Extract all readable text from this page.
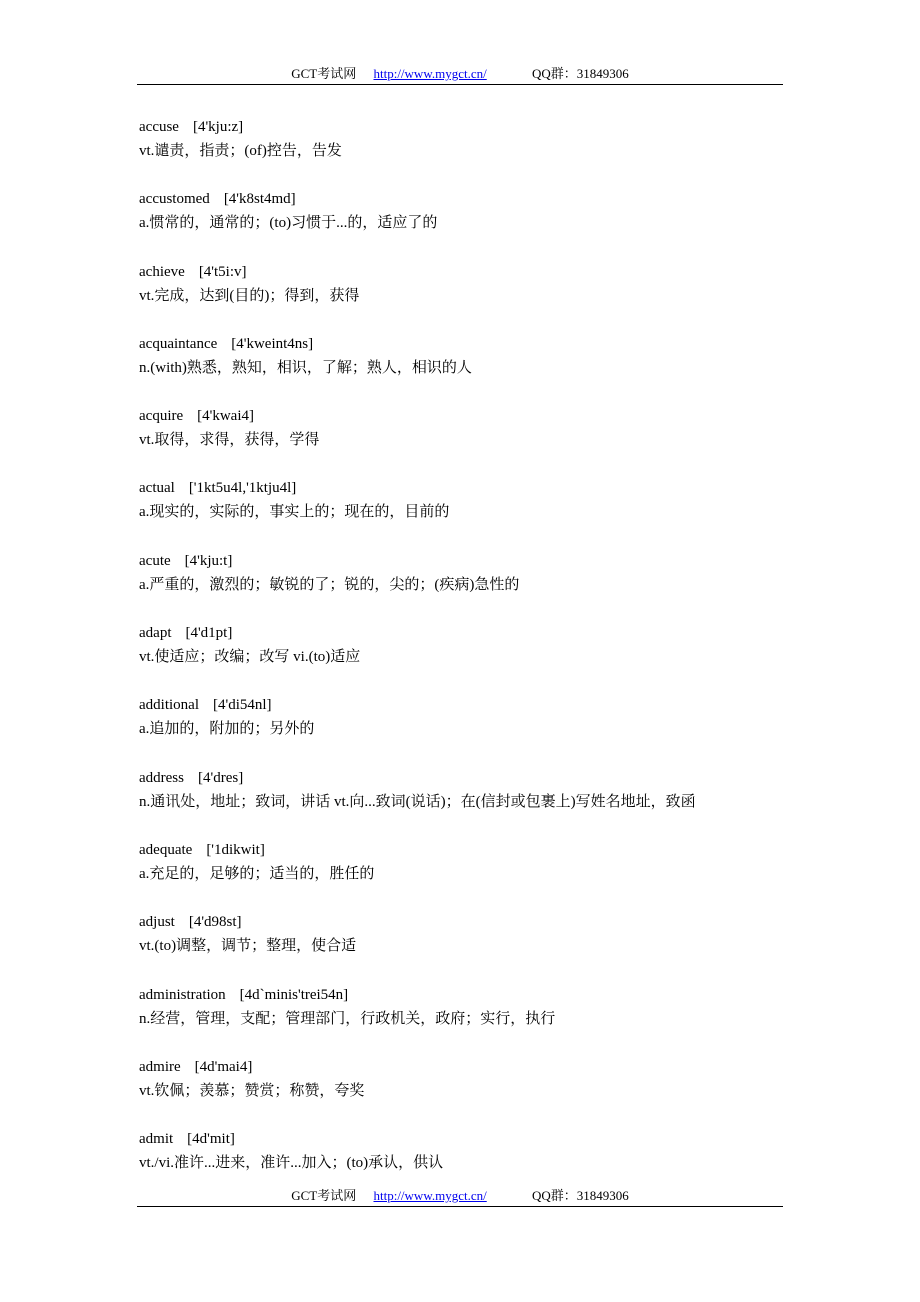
GCT考试网 http://www.mygct.cn/	QQ群：31849306
accuse [4'kju:z]
vt.谴责，指责；(of)控告，告发
accustomed [4'k8st4md]
a.惯常的，通常的；(to)习惯于...的，适应了的
achieve [4't5i:v]
vt.完成，达到(目的)；得到，获得
acquaintance [4'kweint4ns]
n.(with)熟悉，熟知，相识，了解；熟人，相识的人
acquire [4'kwai4]
vt.取得，求得，获得，学得
actual ['1kt5u4l,'1ktju4l]
a.现实的，实际的，事实上的；现在的，目前的
acute [4'kju:t]
a.严重的，激烈的；敏锐的了；锐的，尖的；(疾病)急性的
adapt [4'd1pt]
vt.使适应；改编；改写 vi.(to)适应
additional [4'di54nl]
a.追加的，附加的；另外的
address [4'dres]
n.通讯处，地址；致词，讲话 vt.向...致词(说话)；在(信封或包裹上)写姓名地址，致函
adequate ['1dikwit]
a.充足的，足够的；适当的，胜任的
adjust [4'd98st]
vt.(to)调整，调节；整理，使合适
administration [4d`minis'trei54n]
n.经营，管理，支配；管理部门，行政机关，政府；实行，执行
admire [4d'mai4]
vt.钦佩；羡慕；赞赏；称赞，夸奖
admit [4d'mit]
vt./vi.准许...进来，准许...加入；(to)承认，供认
GCT考试网 http://www.mygct.cn/	QQ群：31849306
